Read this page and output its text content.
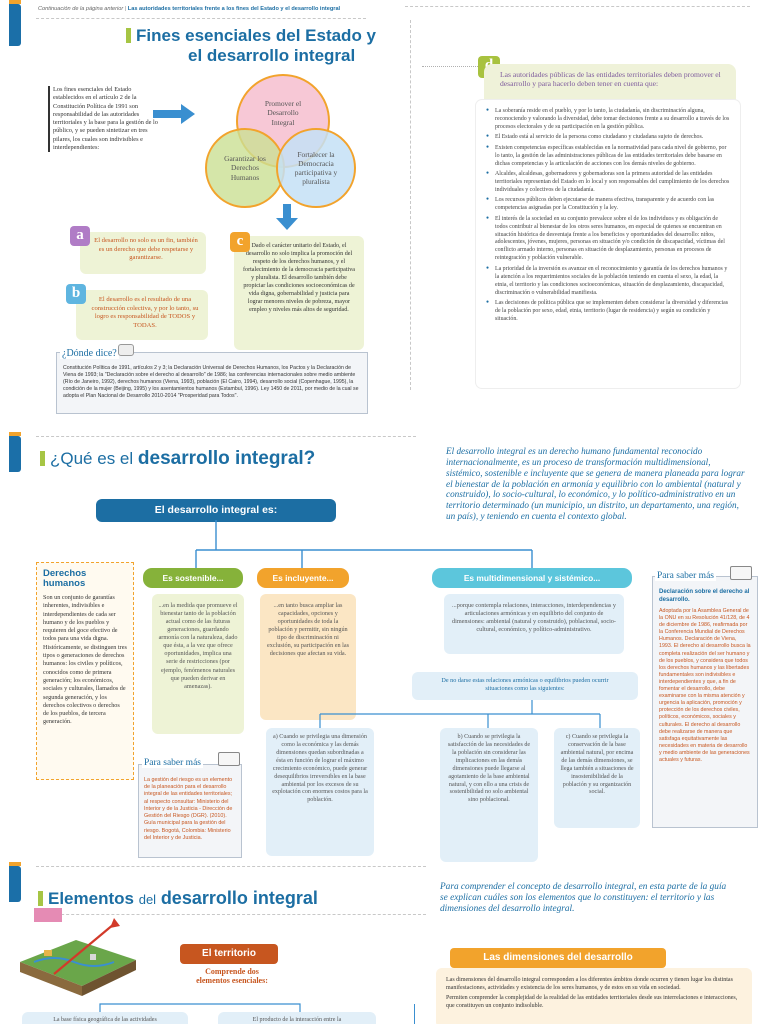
Continuación de la página anterior | Las autoridades territoriales frente a los fines del Estado y el desarrollo integral
Fines esenciales del Estado y
el desarrollo integral
Los fines esenciales del Estado establecidos en el artículo 2 de la Constitución Política de 1991 son responsabilidad de las autoridades territoriales y la base para la gestión de lo público, y se pueden sintetizar en tres pilares, los cuales son indivisibles e interdependientes:
Promover el Desarrollo Integral
Garantizar los Derechos Humanos
Fortalecer la Democracia participativa y pluralista
El desarrollo no solo es un fin, también es un derecho que debe respetarse y garantizarse.
a
El desarrollo es el resultado de una construcción colectiva, y por lo tanto, su logro es responsabilidad de TODOS y TODAS.
b
Dado el carácter unitario del Estado, el desarrollo no solo implica la promoción del respeto de los derechos humanos, y el fortalecimiento de la democracia participativa y pluralista. El desarrollo también debe propiciar las condiciones socioeconómicas de vida digna, gobernabilidad y justicia para lograr menores niveles de pobreza, mayor empleo y niveles más altos de seguridad.
c
Constitución Política de 1991, artículos 2 y 3; la Declaración Universal de Derechos Humanos, los Pactos y la Declaración de Viena de 1993; la "Declaración sobre el derecho al desarrollo" de 1986; las conferencias internacionales sobre medio ambiente (Río de Janeiro, 1992), derechos humanos (Viena, 1993), población (El Cairo, 1994), desarrollo social (Copenhague, 1995), la condición de la mujer (Beijing, 1995) y los asentamientos humanos (Estambul, 1996). Ley 1450 de 2011, por medio de la cual se adopta el Plan Nacional de Desarrollo 2010-2014 "Prosperidad para Todos".
¿Dónde dice?
Las autoridades públicas de las entidades territoriales deben promover el desarrollo y para hacerlo deben tener en cuenta que:
● La soberanía reside en el pueblo, y por lo tanto, la ciudadanía, sin discriminación alguna, reconociendo y valorando la diversidad, debe tomar decisiones frente a su desarrollo a través de los procesos electorales y de su participación en la gestión pública.
● El Estado está al servicio de la persona como ciudadano y ciudadana sujeto de derechos.
● Existen competencias específicas establecidas en la normatividad para cada nivel de gobierno, por lo tanto, la gestión de las administraciones públicas de las entidades territoriales debe basarse en dichas competencias y la articulación de acciones con los demás niveles de gobierno.
● Alcaldes, alcaldesas, gobernadores y gobernadoras son la primera autoridad de las entidades territoriales representan del Estado en lo local y son responsables del cumplimiento de los derechos individuales y colectivos de la ciudadanía.
● Los recursos públicos deben ejecutarse de manera efectiva, transparente y de acuerdo con las competencias asignadas por la Constitución y la ley.
● El interés de la sociedad en su conjunto prevalece sobre el de los individuos y es obligación de todos contribuir al bienestar de los otros seres humanos, en especial de quienes se encuentran en situación histórica de desventaja frente a los beneficios y oportunidades del desarrollo: niños, adolescentes, jóvenes, mujeres, personas en situación y/o condición de discapacidad, víctimas del conflicto armado interno, personas en situación de desplazamiento, personas en procesos de reintegración y población vulnerable.
● La prioridad de la inversión es avanzar en el reconocimiento y garantía de los derechos humanos y la atención a los requerimientos sociales de la población teniendo en cuenta el sexo, la edad, la etnia, el territorio y las condiciones socioeconómicas, situación de desplazamiento, discapacidad, discriminación o vulnerabilidad manifiesta.
● Las decisiones de política pública que se implementen deben considerar la diversidad y diferencias de la población por sexo, edad, etnia, territorio (lugar de residencia) y según su condición y situación.
¿Qué es el desarrollo integral?	El desarrollo integral es un derecho humano fundamental reconocido internacionalmente, es un proceso de transformación multidimensional, sistémico, sostenible e incluyente que se genera de manera planeada para lograr el bienestar de la población en armonía y equilibrio con lo ambiental (natural y construido), lo socio-cultural, lo económico, y lo político-administrativo en un territorio determinado (un municipio, un distrito, un departamento, una región, un país), y teniendo en cuenta el contexto global.
El desarrollo integral es:
Derechos humanos
Son un conjunto de garantías inherentes, indivisibles e interdependientes de cada ser humano y de los pueblos y requieren del goce efectivo de todos para una vida digna. Históricamente, se distinguen tres tipos o generaciones de derechos humanos: los civiles y políticos, conocidos como de primera generación; los económicos, sociales y culturales, llamados de segunda generación, y los derechos colectivos o derechos de los pueblos, de tercera generación.
Es sostenible...
...en la medida que promueve el bienestar tanto de la población actual como de las futuras generaciones, guardando armonía con la naturaleza, dado que ésta, a la vez que ofrece oportunidades, implica una serie de restricciones (por ejemplo, fenómenos naturales que pueden derivar en amenazas).
Es incluyente...
...en tanto busca ampliar las capacidades, opciones y oportunidades de toda la población y permitir, sin ningún tipo de discriminación ni exclusión, su participación en las decisiones que afectan su vida.
Es multidimensional y sistémico...
...porque contempla relaciones, interacciones, interdependencias y articulaciones armónicas y en equilibrio del conjunto de dimensiones: ambiental (natural y construido), poblacional, socio-cultural, económico, y político-administrativo.
De no darse estas relaciones armónicas o equilibrios pueden ocurrir situaciones como las siguientes:
a) Cuando se privilegia una dimensión como la económica y las demás dimensiones quedan subordinadas a ésta en función de lograr el máximo crecimiento económico, puede generar desequilibrios irreversibles en la base ambiental por los excesos de su explotación con enormes costos para la población.
b) Cuando se privilegia la satisfacción de las necesidades de la población sin considerar las implicaciones en las demás dimensiones puede llegarse al agotamiento de la base ambiental natural, y con ello a una crisis de sostenibilidad no solo ambiental sino poblacional.
c) Cuando se privilegia la conservación de la base ambiental natural, por encima de las demás dimensiones, se llega también a situaciones de insostenibilidad de la población y su organización social.
La gestión del riesgo es un elemento de la planeación para el desarrollo integral de las entidades territoriales; al respecto consultar: Ministerio del Interior y de la Justicia - Dirección de Gestión del Riesgo (DGR). (2010). Guía municipal para la gestión del riesgo. Bogotá, Colombia: Ministerio del Interior y de Justicia.
Para saber más
Declaración sobre el derecho al desarrollo.
Adoptada por la Asamblea General de la ONU en su Resolución 41/128, de 4 de diciembre de 1986, reafirmada por la Conferencia Mundial de Derechos Humanos. Declaración de Viena, 1993. El derecho al desarrollo busca la completa realización del ser humano y de los pueblos, y considera que todos los derechos humanos y las libertades fundamentales son indivisibles e interdependientes y que, a fin de fomentar el desarrollo, debe examinarse con la misma atención y urgencia la aplicación, promoción y protección de los derechos civiles, políticos, económicos, sociales y culturales. El derecho al desarrollo debe realizarse de manera que satisfaga equitativamente las necesidades en materia de desarrollo y medio ambiente de las generaciones actuales y futuras.
Para saber más
Elementos del desarrollo integral
Para comprender el concepto de desarrollo integral, en esta parte de la guía se explican cuáles son los elementos que lo constituyen: el territorio y las dimensiones del desarrollo integral.
El territorio
Comprende dos elementos esenciales:
La base física geográfica de las actividades	El producto de la interacción entre la
Las dimensiones del desarrollo
Las dimensiones del desarrollo integral corresponden a los diferentes ámbitos donde ocurren y tienen lugar los distintas manifestaciones, actividades y existencia de los seres humanos, y de estos en su vida en sociedad.
Permiten comprender la complejidad de la realidad de las entidades territoriales desde sus interrelaciones e interacciones, que constituyen un conjunto indisoluble.
